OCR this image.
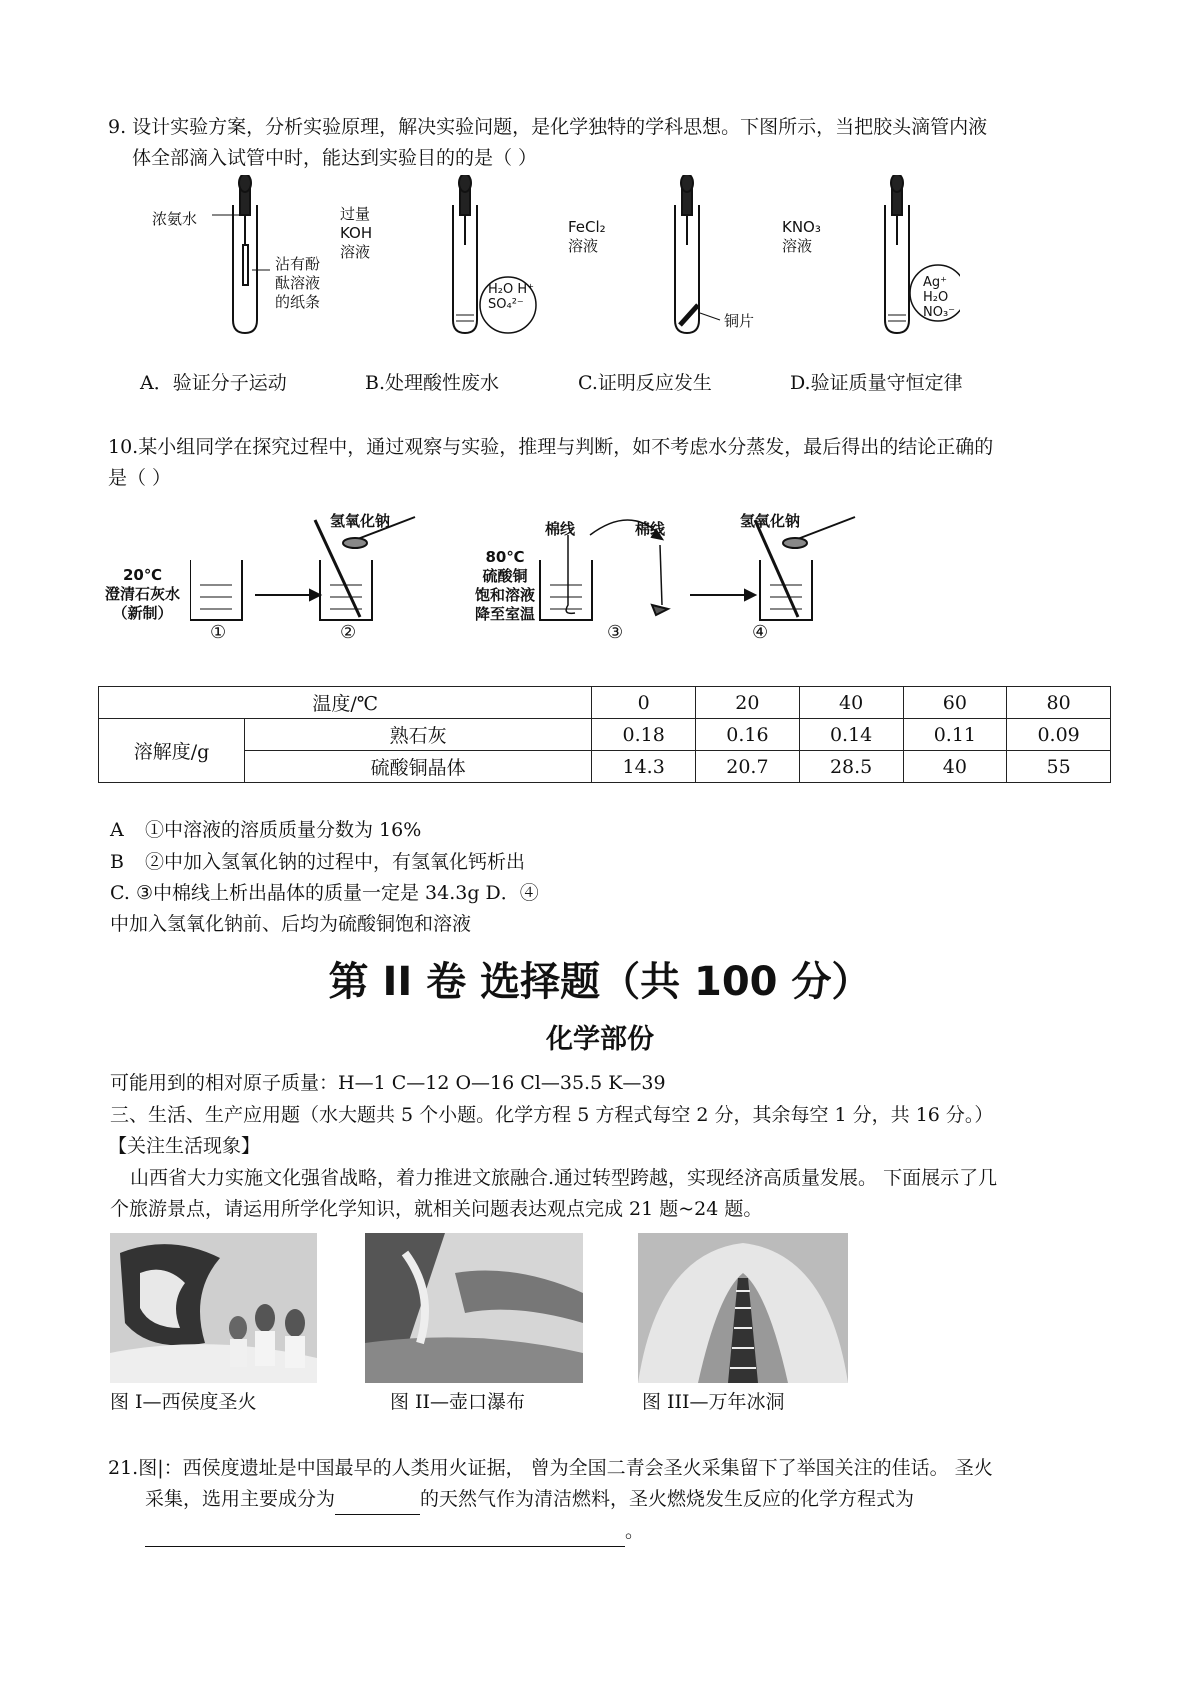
9. 设计实验方案，分析实验原理，解决实验问题，是化学独特的学科思想。下图所示，当把胶头滴管内液
体全部滴入试管中时，能达到实验目的的是（ ）
浓氨水
沾有酚
酞溶液
的纸条
过量
KOH
溶液
H₂O H⁺
SO₄²⁻
FeCl₂
溶液
铜片
KNO₃
溶液
Ag⁺
H₂O
NO₃⁻
A．验证分子运动	B.处理酸性废水	C.证明反应发生	D.验证质量守恒定律
10.某小组同学在探究过程中，通过观察与实验，推理与判断，如不考虑水分蒸发，最后得出的结论正确的
是（ ）
20℃
澄清石灰水
（新制）
氢氧化钠
80℃
硫酸铜
饱和溶液
降至室温
棉线	棉线	氢氧化钠
①	②	③	④
温度/℃		0	20	40	60	80
溶解度/g	熟石灰	0.18	0.16	0.14	0.11	0.09
	硫酸铜晶体	14.3	20.7	28.5	40	55
A ①中溶液的溶质质量分数为 16%
B ②中加入氢氧化钠的过程中，有氢氧化钙析出
C. ③中棉线上析出晶体的质量一定是 34.3g D．④
中加入氢氧化钠前、后均为硫酸铜饱和溶液
第 II 卷 选择题（共 100 分）
化学部份
可能用到的相对原子质量：H—1 C—12 O—16 Cl—35.5 K—39
三、生活、生产应用题（水大题共 5 个小题。化学方程 5 方程式每空 2 分，其余每空 1 分，共 16 分。）
【关注生活现象】
山西省大力实施文化强省战略，着力推进文旅融合.通过转型跨越，实现经济高质量发展。 下面展示了几
个旅游景点，请运用所学化学知识，就相关问题表达观点完成 21 题~24 题。
图 I—西侯度圣火	图 II—壶口瀑布	图 III—万年冰洞
21.图|：西侯度遗址是中国最早的人类用火证据， 曾为全国二青会圣火采集留下了举国关注的佳话。 圣火
采集，选用主要成分为	的天然气作为清洁燃料，圣火燃烧发生反应的化学方程式为
。
